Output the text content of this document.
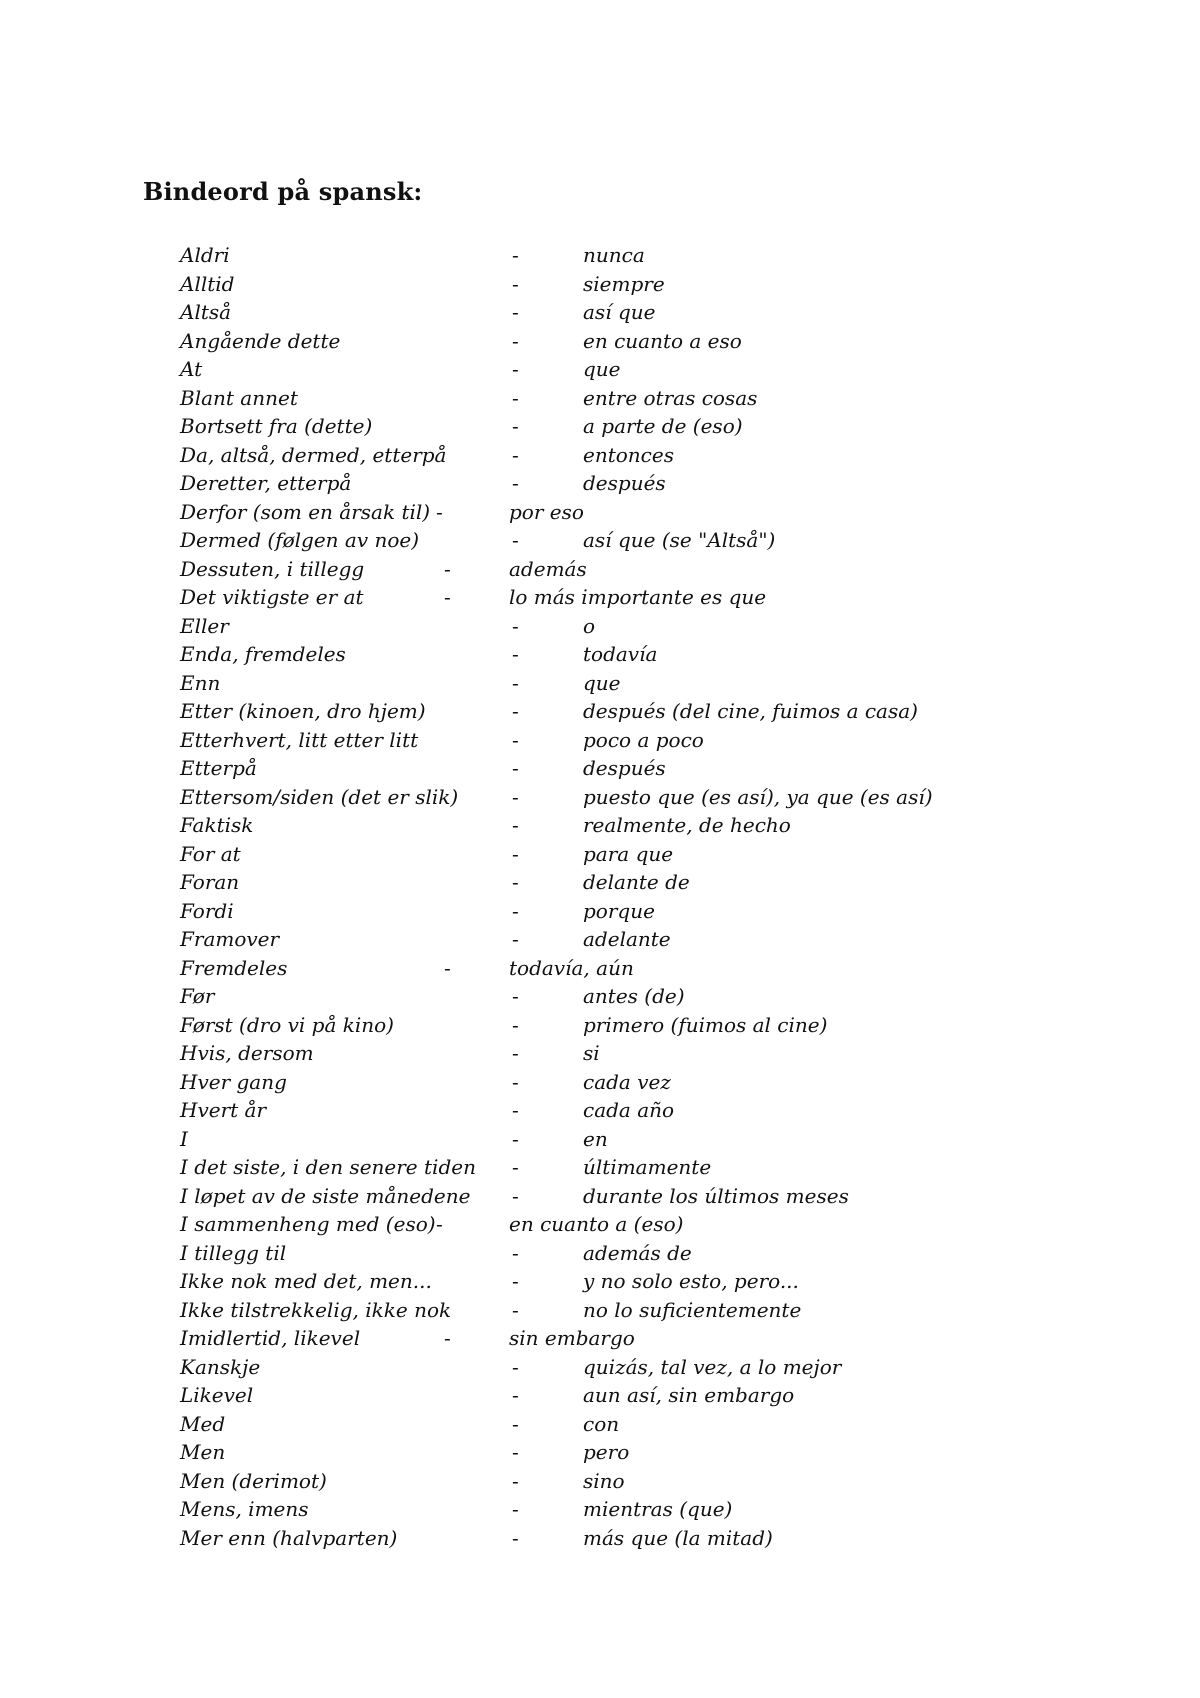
Bindeord på spansk:
Aldri	-	nunca
Alltid	-	siempre
Altså	-	así que
Angående dette	-	en cuanto a eso
At	-	que
Blant annet	-	entre otras cosas
Bortsett fra (dette)	-	a parte de (eso)
Da, altså, dermed, etterpå	-	entonces
Deretter, etterpå	-	después
Derfor (som en årsak til) -	por eso
Dermed (følgen av noe)	-	así que (se "Altså")
Dessuten, i tillegg	-	además
Det viktigste er at	-	lo más importante es que
Eller	-	o
Enda, fremdeles	-	todavía
Enn	-	que
Etter (kinoen, dro hjem)	-	después (del cine, fuimos a casa)
Etterhvert, litt etter litt	-	poco a poco
Etterpå	-	después
Ettersom/siden (det er slik)	-	puesto que (es así), ya que (es así)
Faktisk	-	realmente, de hecho
For at	-	para que
Foran	-	delante de
Fordi	-	porque
Framover	-	adelante
Fremdeles	-	todavía, aún
Før	-	antes (de)
Først (dro vi på kino)	-	primero (fuimos al cine)
Hvis, dersom	-	si
Hver gang	-	cada vez
Hvert år	-	cada año
I	-	en
I det siste, i den senere tiden -	últimamente
I løpet av de siste månedene -	durante los últimos meses
I sammenheng med (eso) -	en cuanto a (eso)
I tillegg til	-	además de
Ikke nok med det, men...	-	y no solo esto, pero...
Ikke tilstrekkelig, ikke nok	-	no lo suficientemente
Imidlertid, likevel	-	sin embargo
Kanskje	-	quizás, tal vez, a lo mejor
Likevel	-	aun así, sin embargo
Med	-	con
Men	-	pero
Men (derimot)	-	sino
Mens, imens	-	mientras (que)
Mer enn (halvparten)	-	más que (la mitad)
